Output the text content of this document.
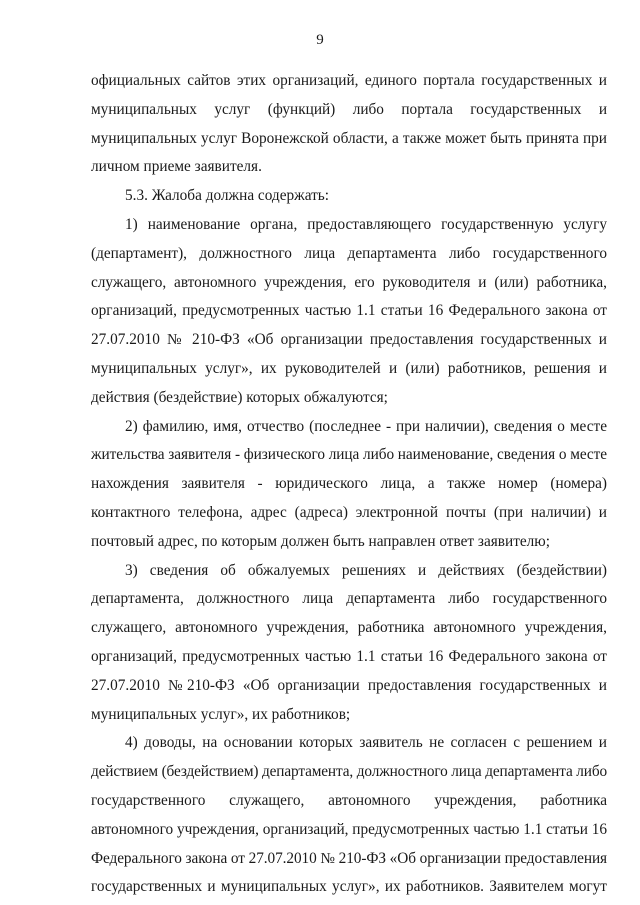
9
официальных сайтов этих организаций, единого портала государственных и
муниципальных услуг (функций) либо портала государственных и
муниципальных услуг Воронежской области, а также может быть принята при
личном приеме заявителя.
5.3. Жалоба должна содержать:
1) наименование органа, предоставляющего государственную услугу
(департамент), должностного лица департамента либо государственного
служащего, автономного учреждения, его руководителя и (или) работника,
организаций, предусмотренных частью 1.1 статьи 16 Федерального закона от
27.07.2010 № 210-ФЗ «Об организации предоставления государственных и
муниципальных услуг», их руководителей и (или) работников, решения и
действия (бездействие) которых обжалуются;
2) фамилию, имя, отчество (последнее - при наличии), сведения о месте
жительства заявителя - физического лица либо наименование, сведения о месте
нахождения заявителя - юридического лица, а также номер (номера)
контактного телефона, адрес (адреса) электронной почты (при наличии) и
почтовый адрес, по которым должен быть направлен ответ заявителю;
3) сведения об обжалуемых решениях и действиях (бездействии)
департамента, должностного лица департамента либо государственного
служащего, автономного учреждения, работника автономного учреждения,
организаций, предусмотренных частью 1.1 статьи 16 Федерального закона от
27.07.2010 №210-ФЗ «Об организации предоставления государственных и
муниципальных услуг», их работников;
4) доводы, на основании которых заявитель не согласен с решением и
действием (бездействием) департамента, должностного лица департамента либо
государственного служащего, автономного учреждения, работника
автономного учреждения, организаций, предусмотренных частью 1.1 статьи 16
Федерального закона от 27.07.2010 № 210-ФЗ «Об организации предоставления
государственных и муниципальных услуг», их работников. Заявителем могут
